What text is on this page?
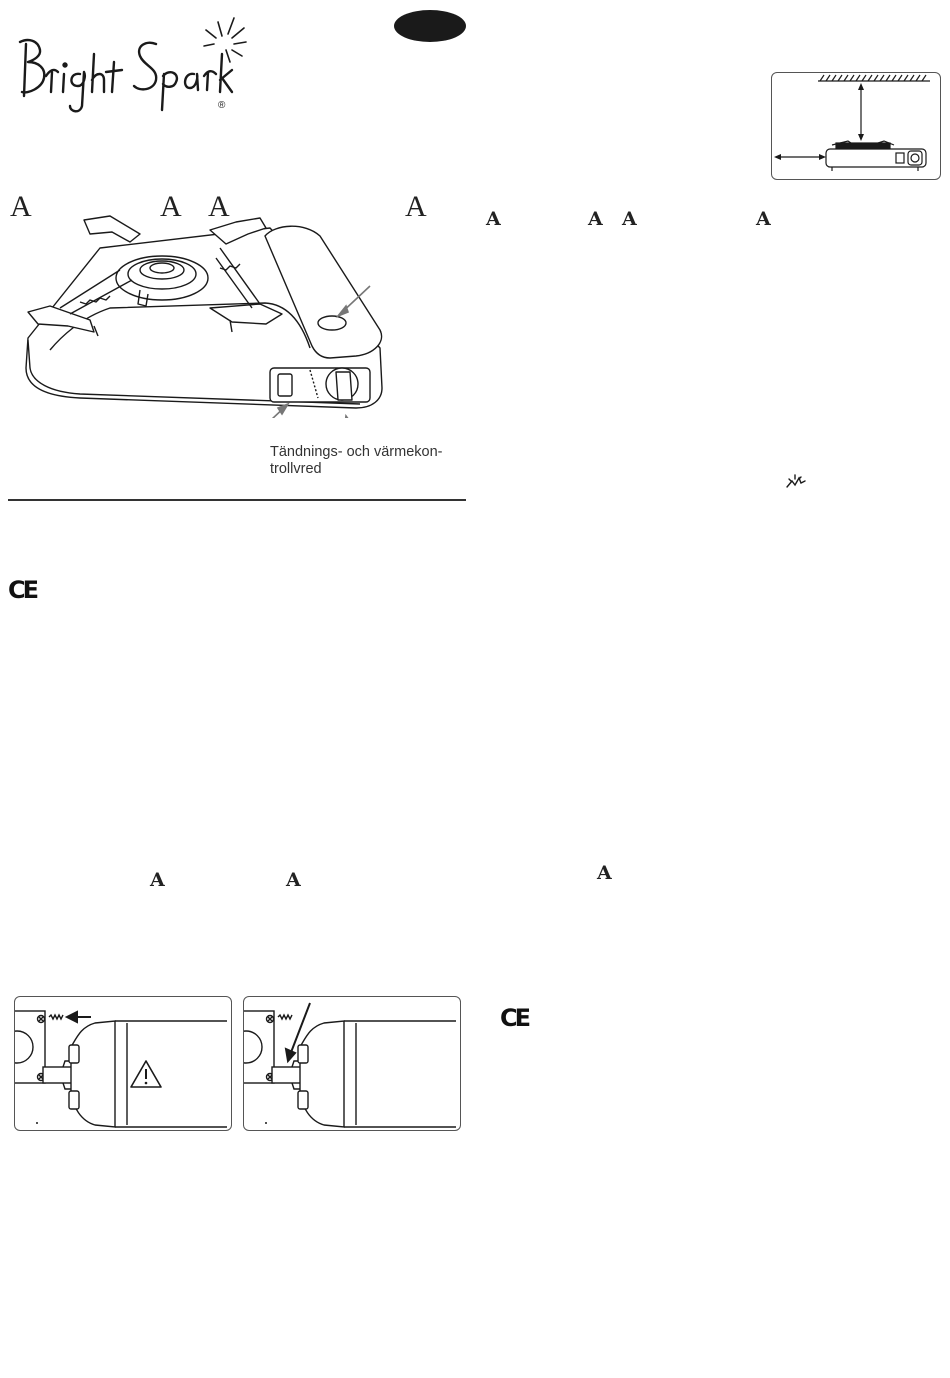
®
A	A A	A
Tändnings- och värmekon-
trollvred
CE
A	A
A	A A	A
A
CE
